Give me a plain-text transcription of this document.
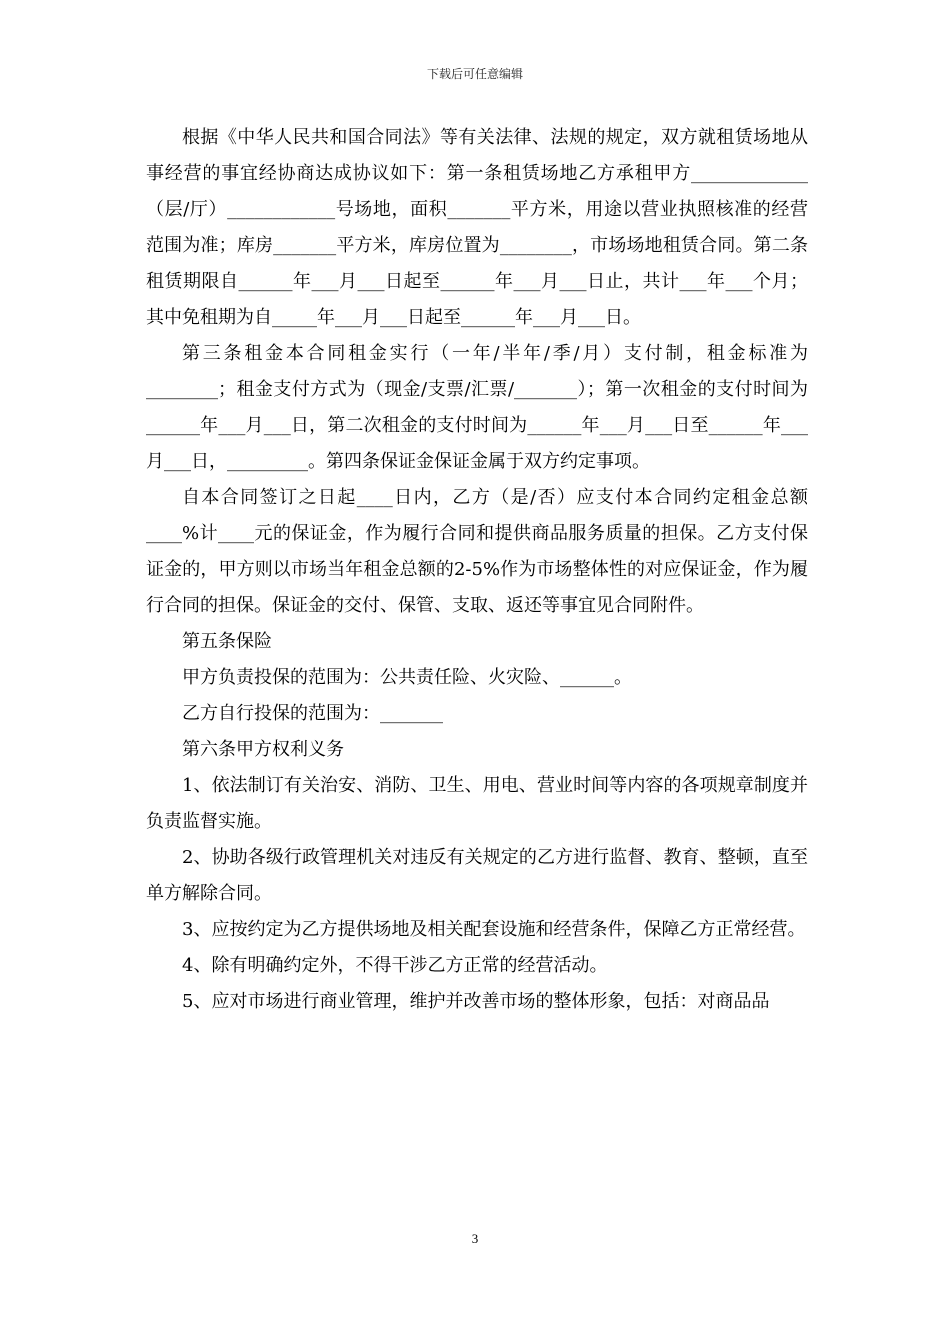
下载后可任意编辑

根据《中华人民共和国合同法》等有关法律、法规的规定，双方就租赁场地从事经营的事宜经协商达成协议如下：第一条租赁场地乙方承租甲方_____________（层/厅）____________号场地，面积_______平方米，用途以营业执照核准的经营范围为准；库房_______平方米，库房位置为________，市场场地租赁合同。第二条租赁期限自______年___月___日起至______年___月___日止，共计___年___个月；其中免租期为自_____年___月___日起至______年___月___日。

第三条租金本合同租金实行（一年/半年/季/月）支付制，租金标准为________；租金支付方式为（现金/支票/汇票/_______）；第一次租金的支付时间为______年___月___日，第二次租金的支付时间为______年___月___日至______年___月___日，_________。第四条保证金保证金属于双方约定事项。

自本合同签订之日起____日内，乙方（是/否）应支付本合同约定租金总额____%计____元的保证金，作为履行合同和提供商品服务质量的担保。乙方支付保证金的，甲方则以市场当年租金总额的2-5%作为市场整体性的对应保证金，作为履行合同的担保。保证金的交付、保管、支取、返还等事宜见合同附件。

第五条保险

甲方负责投保的范围为：公共责任险、火灾险、______。

乙方自行投保的范围为：_______

第六条甲方权利义务

1、依法制订有关治安、消防、卫生、用电、营业时间等内容的各项规章制度并负责监督实施。

2、协助各级行政管理机关对违反有关规定的乙方进行监督、教育、整顿，直至单方解除合同。

3、应按约定为乙方提供场地及相关配套设施和经营条件，保障乙方正常经营。

4、除有明确约定外，不得干涉乙方正常的经营活动。

5、应对市场进行商业管理，维护并改善市场的整体形象，包括：对商品品

3
